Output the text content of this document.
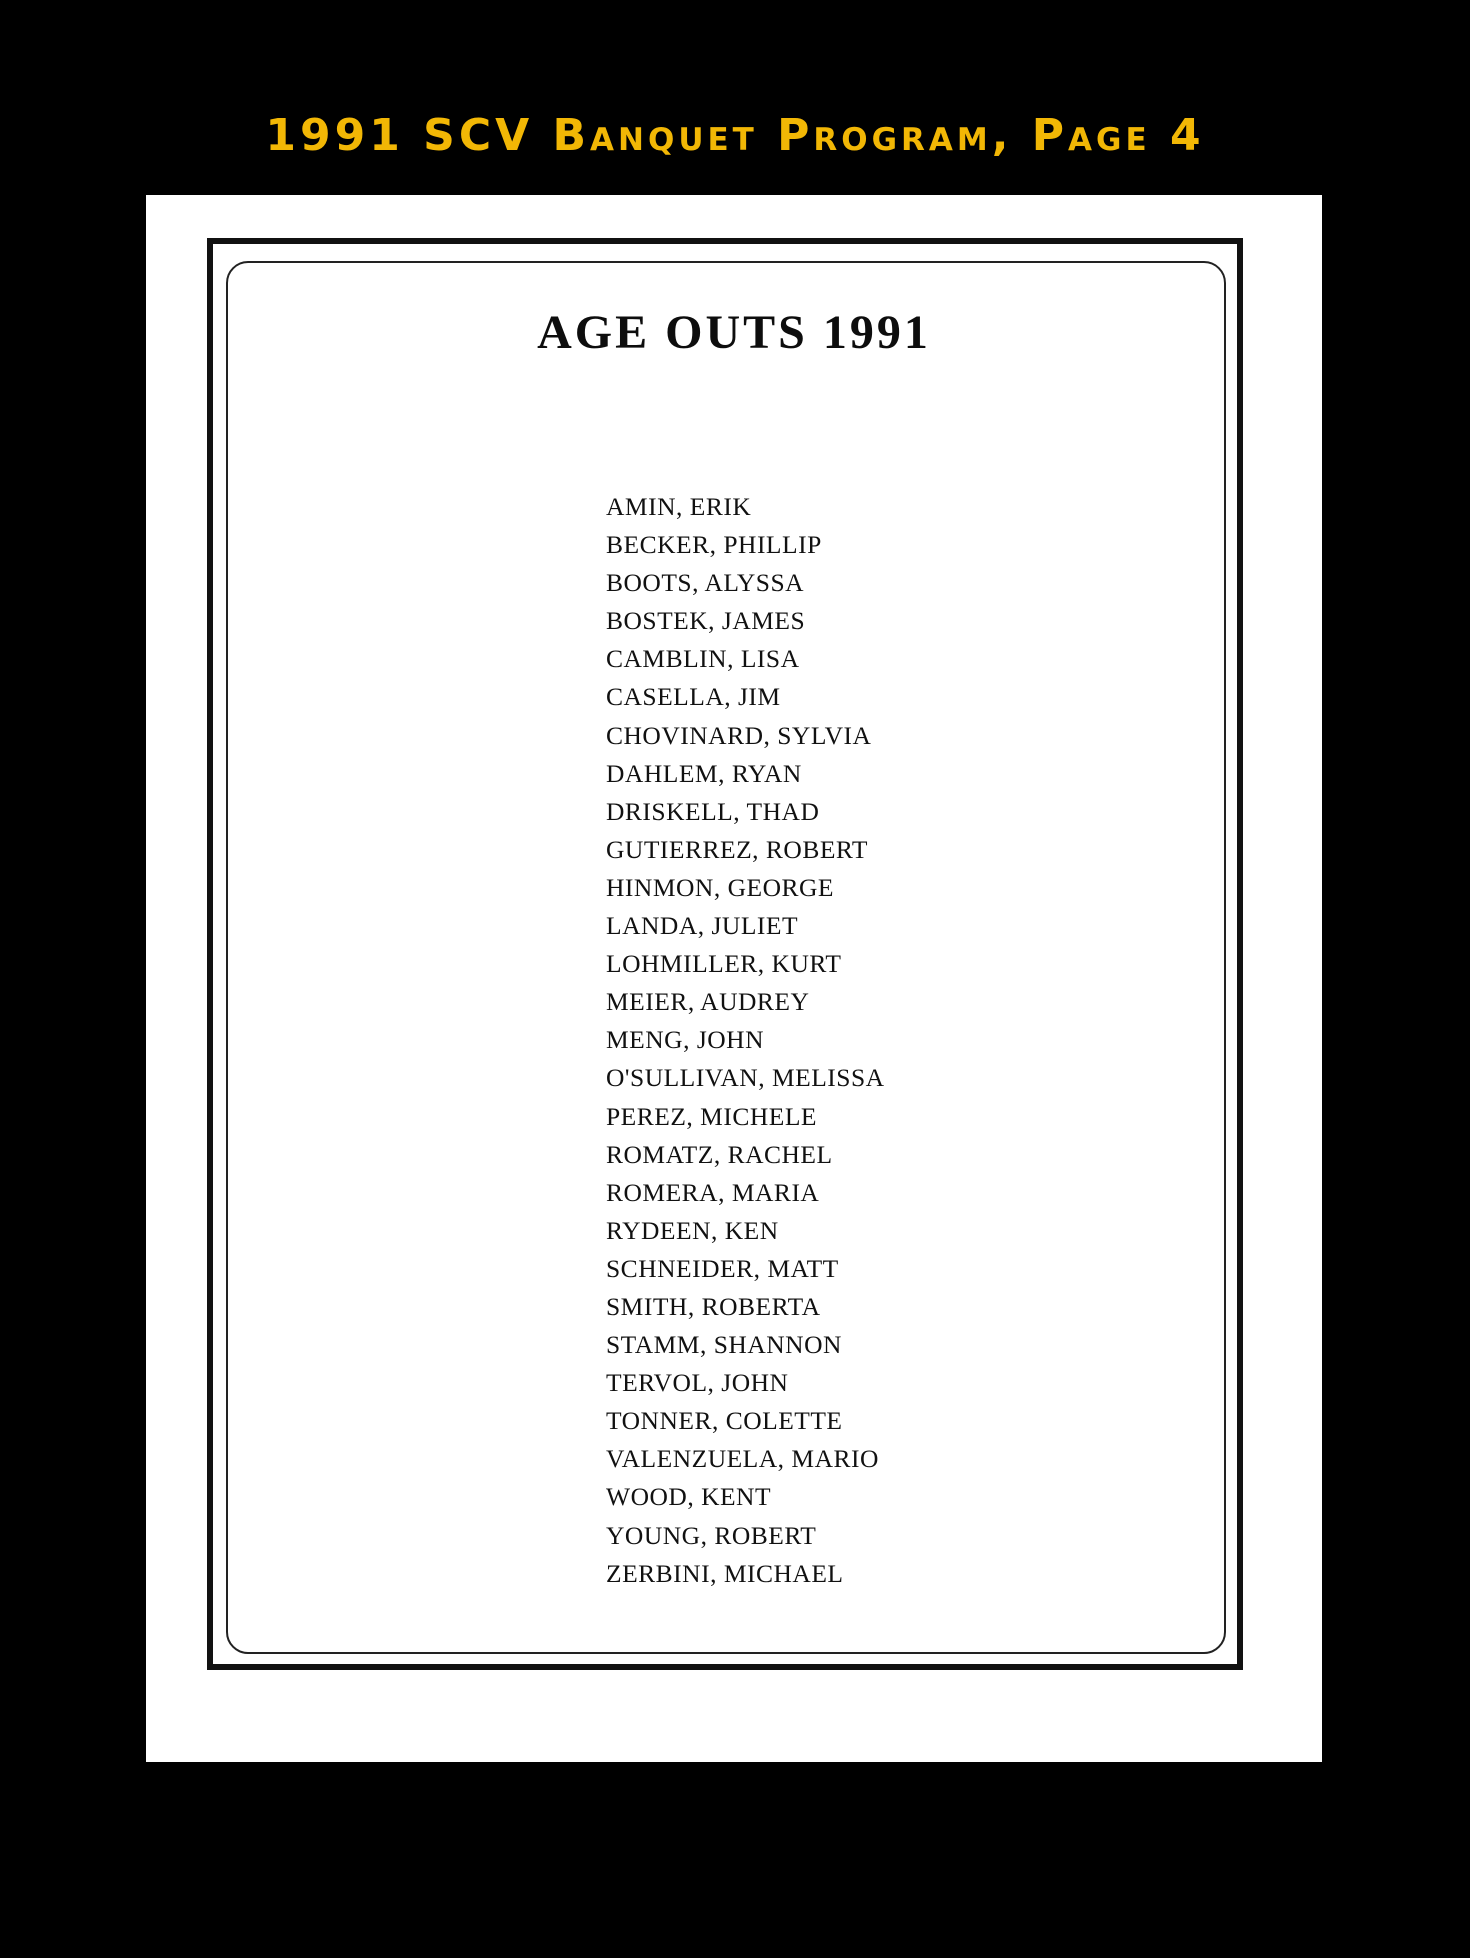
1991 SCV Banquet Program, Page 4
AGE OUTS 1991
AMIN, ERIK
BECKER, PHILLIP
BOOTS, ALYSSA
BOSTEK, JAMES
CAMBLIN, LISA
CASELLA, JIM
CHOVINARD, SYLVIA
DAHLEM, RYAN
DRISKELL, THAD
GUTIERREZ, ROBERT
HINMON, GEORGE
LANDA, JULIET
LOHMILLER, KURT
MEIER, AUDREY
MENG, JOHN
O'SULLIVAN, MELISSA
PEREZ, MICHELE
ROMATZ, RACHEL
ROMERA, MARIA
RYDEEN, KEN
SCHNEIDER, MATT
SMITH, ROBERTA
STAMM, SHANNON
TERVOL, JOHN
TONNER, COLETTE
VALENZUELA, MARIO
WOOD, KENT
YOUNG, ROBERT
ZERBINI, MICHAEL
